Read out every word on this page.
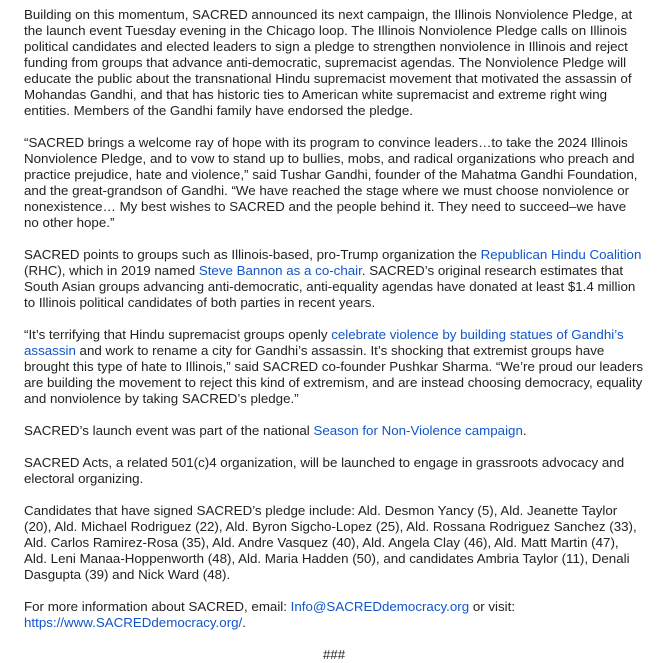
Building on this momentum, SACRED announced its next campaign, the Illinois Nonviolence Pledge, at the launch event Tuesday evening in the Chicago loop. The Illinois Nonviolence Pledge calls on Illinois political candidates and elected leaders to sign a pledge to strengthen nonviolence in Illinois and reject funding from groups that advance anti-democratic, supremacist agendas. The Nonviolence Pledge will educate the public about the transnational Hindu supremacist movement that motivated the assassin of Mohandas Gandhi, and that has historic ties to American white supremacist and extreme right wing entities. Members of the Gandhi family have endorsed the pledge.

“SACRED brings a welcome ray of hope with its program to convince leaders…to take the 2024 Illinois Nonviolence Pledge, and to vow to stand up to bullies, mobs, and radical organizations who preach and practice prejudice, hate and violence,” said Tushar Gandhi, founder of the Mahatma Gandhi Foundation, and the great-grandson of Gandhi. “We have reached the stage where we must choose nonviolence or nonexistence… My best wishes to SACRED and the people behind it. They need to succeed–we have no other hope.”

SACRED points to groups such as Illinois-based, pro-Trump organization the Republican Hindu Coalition (RHC), which in 2019 named Steve Bannon as a co-chair. SACRED’s original research estimates that South Asian groups advancing anti-democratic, anti-equality agendas have donated at least $1.4 million to Illinois political candidates of both parties in recent years.

“It’s terrifying that Hindu supremacist groups openly celebrate violence by building statues of Gandhi’s assassin and work to rename a city for Gandhi’s assassin. It’s shocking that extremist groups have brought this type of hate to Illinois,” said SACRED co-founder Pushkar Sharma. “We’re proud our leaders are building the movement to reject this kind of extremism, and are instead choosing democracy, equality and nonviolence by taking SACRED’s pledge.”

SACRED’s launch event was part of the national Season for Non-Violence campaign.

SACRED Acts, a related 501(c)4 organization, will be launched to engage in grassroots advocacy and electoral organizing.

Candidates that have signed SACRED’s pledge include: Ald. Desmon Yancy (5), Ald. Jeanette Taylor (20), Ald. Michael Rodriguez (22), Ald. Byron Sigcho-Lopez (25), Ald. Rossana Rodriguez Sanchez (33), Ald. Carlos Ramirez-Rosa (35), Ald. Andre Vasquez (40), Ald. Angela Clay (46), Ald. Matt Martin (47), Ald. Leni Manaa-Hoppenworth (48), Ald. Maria Hadden (50), and candidates Ambria Taylor (11), Denali Dasgupta (39) and Nick Ward (48).

For more information about SACRED, email: Info@SACREDdemocracy.org or visit: https://www.SACREDdemocracy.org/.

###
